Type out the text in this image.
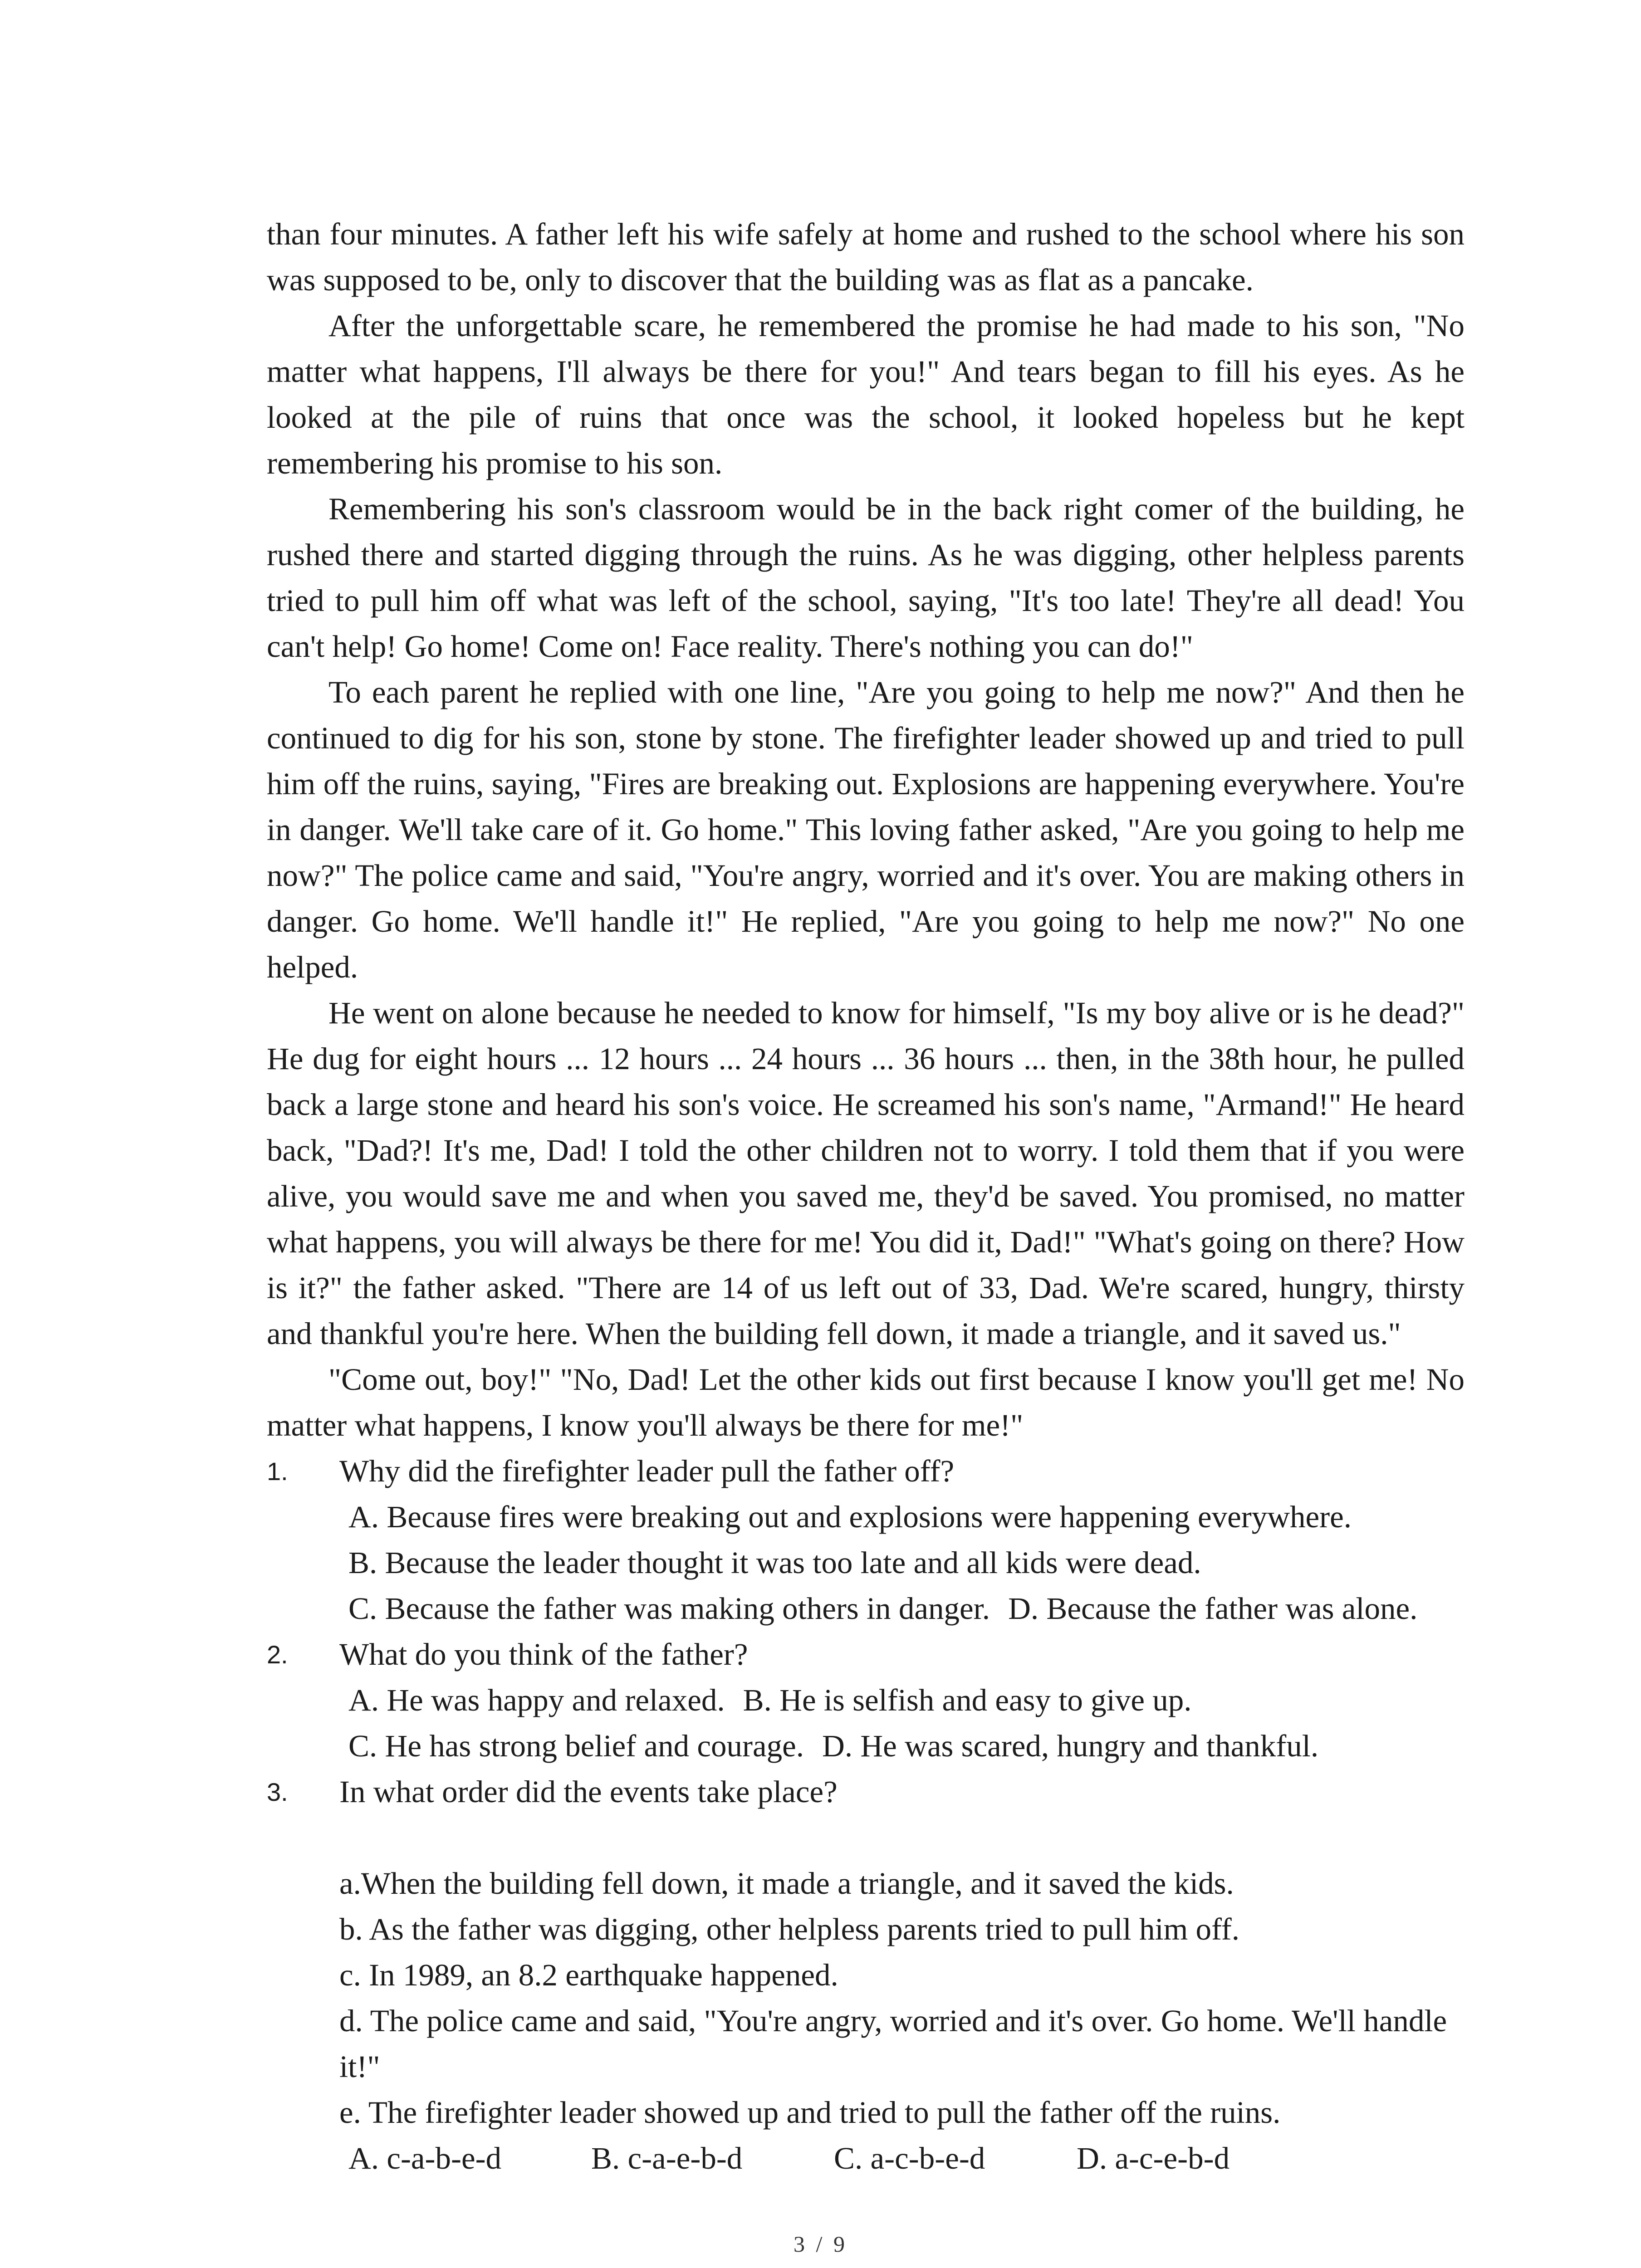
than four minutes. A father left his wife safely at home and rushed to the school where his son was supposed to be, only to discover that the building was as flat as a pancake.

After the unforgettable scare, he remembered the promise he had made to his son, "No matter what happens, I'll always be there for you!" And tears began to fill his eyes. As he looked at the pile of ruins that once was the school, it looked hopeless but he kept remembering his promise to his son.

Remembering his son's classroom would be in the back right comer of the building, he rushed there and started digging through the ruins. As he was digging, other helpless parents tried to pull him off what was left of the school, saying, "It's too late! They're all dead! You can't help! Go home! Come on! Face reality. There's nothing you can do!"

To each parent he replied with one line, "Are you going to help me now?" And then he continued to dig for his son, stone by stone. The firefighter leader showed up and tried to pull him off the ruins, saying, "Fires are breaking out. Explosions are happening everywhere. You're in danger. We'll take care of it. Go home." This loving father asked, "Are you going to help me now?" The police came and said, "You're angry, worried and it's over. You are making others in danger. Go home. We'll handle it!" He replied, "Are you going to help me now?" No one helped.

He went on alone because he needed to know for himself, "Is my boy alive or is he dead?" He dug for eight hours ... 12 hours ... 24 hours ... 36 hours ... then, in the 38th hour, he pulled back a large stone and heard his son's voice. He screamed his son's name, "Armand!" He heard back, "Dad?! It's me, Dad! I told the other children not to worry. I told them that if you were alive, you would save me and when you saved me, they'd be saved. You promised, no matter what happens, you will always be there for me! You did it, Dad!" "What's going on there? How is it?" the father asked. "There are 14 of us left out of 33, Dad. We're scared, hungry, thirsty and thankful you're here. When the building fell down, it made a triangle, and it saved us."

"Come out, boy!" "No, Dad! Let the other kids out first because I know you'll get me! No matter what happens, I know you'll always be there for me!"

1. Why did the firefighter leader pull the father off?

A. Because fires were breaking out and explosions were happening everywhere.

B. Because the leader thought it was too late and all kids were dead.

C. Because the father was making others in danger. D. Because the father was alone.

2. What do you think of the father?

A. He was happy and relaxed. B. He is selfish and easy to give up.

C. He has strong belief and courage. D. He was scared, hungry and thankful.

3. In what order did the events take place?

a.When the building fell down, it made a triangle, and it saved the kids.

b. As the father was digging, other helpless parents tried to pull him off.

c. In 1989, an 8.2 earthquake happened.

d. The police came and said, "You're angry, worried and it's over. Go home. We'll handle it!"

e. The firefighter leader showed up and tried to pull the father off the ruins.

A. c-a-b-e-d	B. c-a-e-b-d	C. a-c-b-e-d	D. a-c-e-b-d
3 / 9
